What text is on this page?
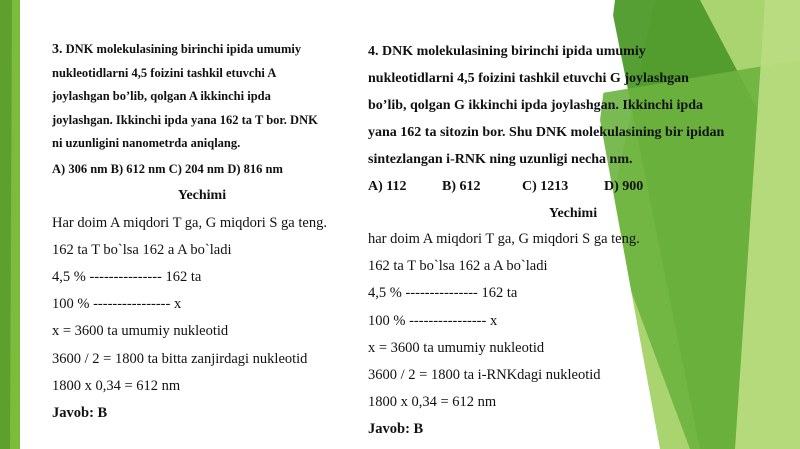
3. DNK molekulasining birinchi ipida umumiy
nukleotidlarni 4,5 foizini tashkil etuvchi A
joylashgan bo’lib, qolgan A ikkinchi ipda
joylashgan. Ikkinchi ipda yana 162 ta T bor. DNK
ni uzunligini nanometrda aniqlang.

A) 306 nm B) 612 nm C) 204 nm D) 816 nm
Yechimi
Har doim A miqdori T ga, G miqdori S ga teng.
162 ta T bo`lsa 162 a A bo`ladi
4,5 % --------------- 162 ta
100 % ---------------- x
x = 3600 ta umumiy nukleotid
3600 / 2 = 1800 ta bitta zanjirdagi nukleotid
1800 x 0,34 = 612 nm
Javob: B

4. DNK molekulasining birinchi ipida umumiy
nukleotidlarni 4,5 foizini tashkil etuvchi G joylashgan
bo’lib, qolgan G ikkinchi ipda joylashgan. Ikkinchi ipda
yana 162 ta sitozin bor. Shu DNK molekulasining bir ipidan
sintezlangan i-RNK ning uzunligi necha nm.

A) 112	B) 612	C) 1213	D) 900
Yechimi
har doim A miqdori T ga, G miqdori S ga teng.
162 ta T bo`lsa 162 a A bo`ladi
4,5 % --------------- 162 ta
100 % ---------------- x
x = 3600 ta umumiy nukleotid
3600 / 2 = 1800 ta i-RNKdagi nukleotid
1800 x 0,34 = 612 nm
Javob: B
